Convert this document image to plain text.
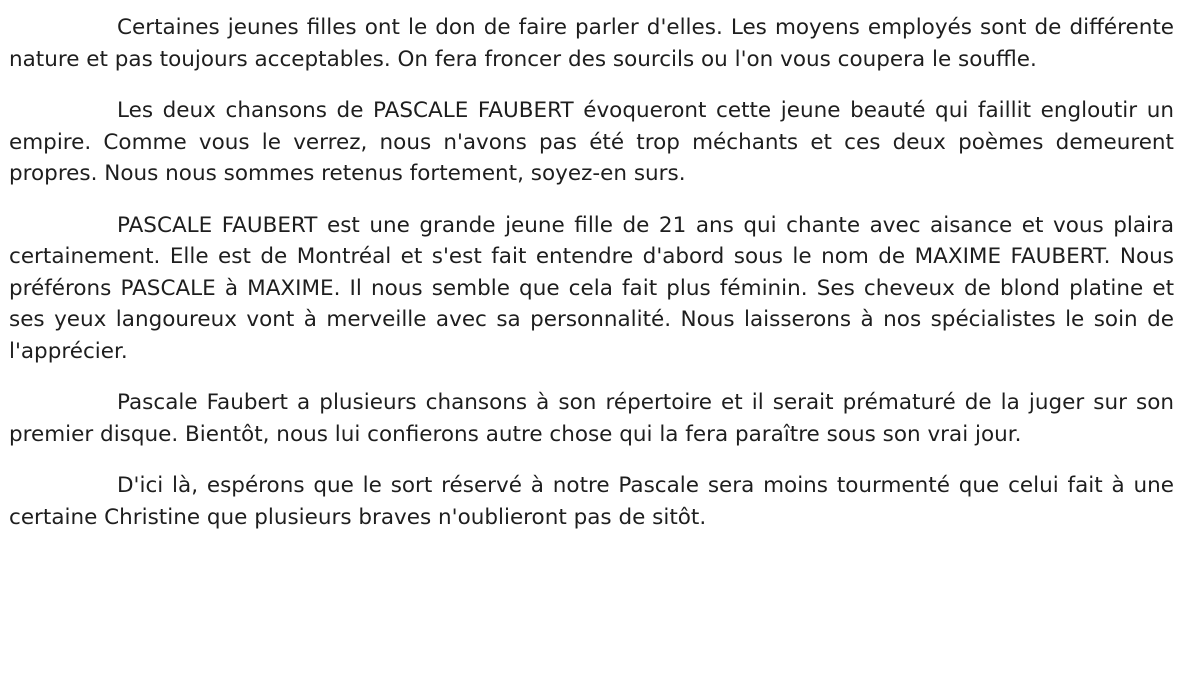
Certaines jeunes filles ont le don de faire parler d'elles. Les moyens employés sont de différente nature et pas toujours acceptables. On fera froncer des sourcils ou l'on vous coupera le souffle.

Les deux chansons de PASCALE FAUBERT évoqueront cette jeune beauté qui faillit engloutir un empire. Comme vous le verrez, nous n'avons pas été trop méchants et ces deux poèmes demeurent propres. Nous nous sommes retenus fortement, soyez-en surs.

PASCALE FAUBERT est une grande jeune fille de 21 ans qui chante avec aisance et vous plaira certainement. Elle est de Montréal et s'est fait entendre d'abord sous le nom de MAXIME FAUBERT. Nous préférons PASCALE à MAXIME. Il nous semble que cela fait plus féminin. Ses cheveux de blond platine et ses yeux langoureux vont à merveille avec sa personnalité. Nous laisserons à nos spécialistes le soin de l'apprécier.

Pascale Faubert a plusieurs chansons à son répertoire et il serait prématuré de la juger sur son premier disque. Bientôt, nous lui confierons autre chose qui la fera paraître sous son vrai jour.

D'ici là, espérons que le sort réservé à notre Pascale sera moins tourmenté que celui fait à une certaine Christine que plusieurs braves n'oublieront pas de sitôt.
